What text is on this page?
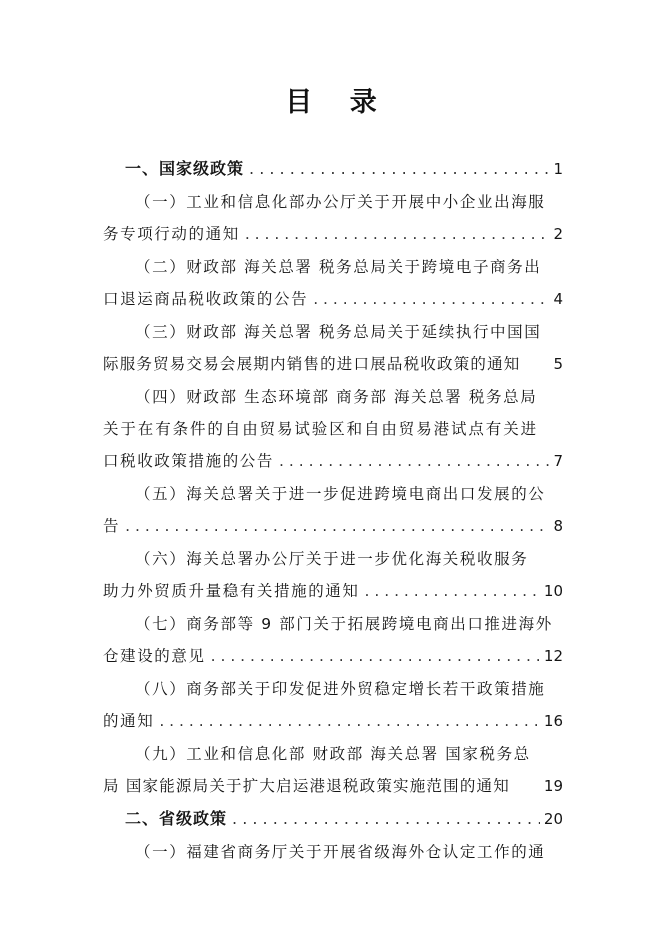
目 录
一、国家级政策 . . .	1
（一）工业和信息化部办公厅关于开展中小企业出海服
务专项行动的通知 . . .	2
（二）财政部 海关总署 税务总局关于跨境电子商务出
口退运商品税收政策的公告 . . .	4
（三）财政部 海关总署 税务总局关于延续执行中国国
际服务贸易交易会展期内销售的进口展品税收政策的通知 5
（四）财政部 生态环境部 商务部 海关总署 税务总局
关于在有条件的自由贸易试验区和自由贸易港试点有关进
口税收政策措施的公告 . . .	7
（五）海关总署关于进一步促进跨境电商出口发展的公
告 . . .	8
（六）海关总署办公厅关于进一步优化海关税收服务
助力外贸质升量稳有关措施的通知 . . .	10
（七）商务部等 9 部门关于拓展跨境电商出口推进海外
仓建设的意见 . . .	12
（八）商务部关于印发促进外贸稳定增长若干政策措施
的通知 . . .	16
（九）工业和信息化部 财政部 海关总署 国家税务总
局 国家能源局关于扩大启运港退税政策实施范围的通知 19
二、省级政策 . . .	20
（一）福建省商务厅关于开展省级海外仓认定工作的通
